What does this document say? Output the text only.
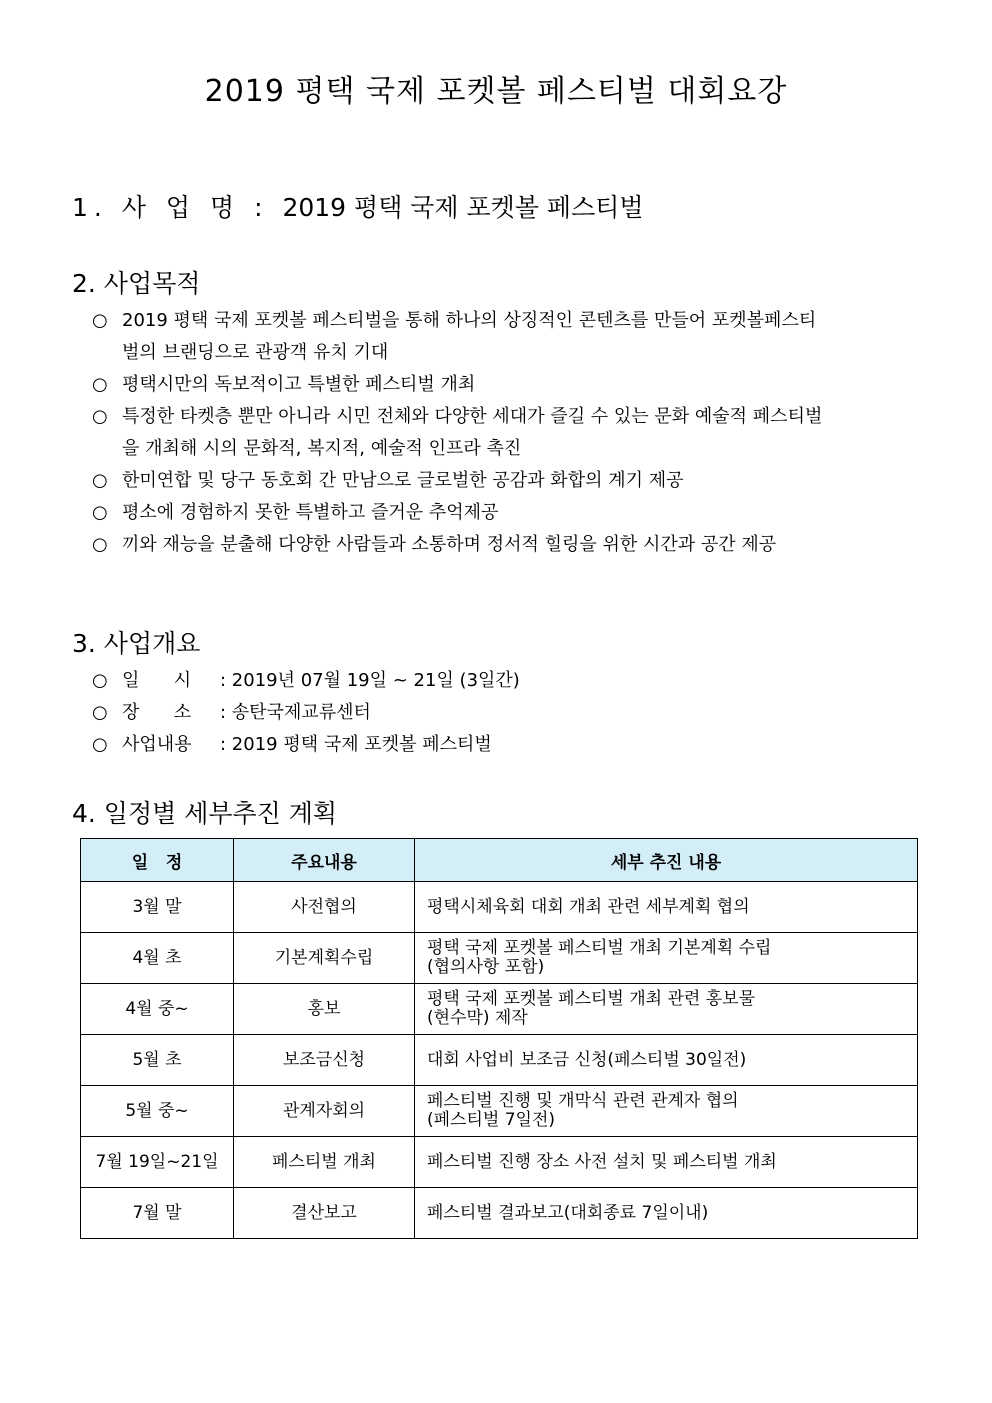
2019 평택 국제 포켓볼 페스티벌 대회요강
1. 사 업 명 : 2019 평택 국제 포켓볼 페스티벌
2. 사업목적
○ 2019 평택 국제 포켓볼 페스티벌을 통해 하나의 상징적인 콘텐츠를 만들어 포켓볼페스티벌의 브랜딩으로 관광객 유치 기대
○ 평택시만의 독보적이고 특별한 페스티벌 개최
○ 특정한 타켓층 뿐만 아니라 시민 전체와 다양한 세대가 즐길 수 있는 문화 예술적 페스티벌을 개최해 시의 문화적, 복지적, 예술적 인프라 촉진
○ 한미연합 및 당구 동호회 간 만남으로 글로벌한 공감과 화합의 계기 제공
○ 평소에 경험하지 못한 특별하고 즐거운 추억제공
○ 끼와 재능을 분출해 다양한 사람들과 소통하며 정서적 힐링을 위한 시간과 공간 제공
3. 사업개요
○ 일      시 : 2019년 07월 19일 ~ 21일 (3일간)
○ 장      소 : 송탄국제교류센터
○ 사업내용 : 2019 평택 국제 포켓볼 페스티벌
4. 일정별 세부추진 계획
일   정	주요내용	세부 추진 내용
3월 말	사전협의	평택시체육회 대회 개최 관련 세부계획 협의

4월 초	기본계획수립	평택 국제 포켓볼 페스티벌 개최 기본계획 수립
(협의사항 포함)

4월 중~	홍보	평택 국제 포켓볼 페스티벌 개최 관련 홍보물
(현수막) 제작

5월 초	보조금신청	대회 사업비 보조금 신청(페스티벌 30일전)

5월 중~	관계자회의	페스티벌 진행 및 개막식 관련 관계자 협의
(페스티벌 7일전)

7월 19일~21일	페스티벌 개최	페스티벌 진행 장소 사전 설치 및 페스티벌 개최

7월 말	결산보고	페스티벌 결과보고(대회종료 7일이내)
